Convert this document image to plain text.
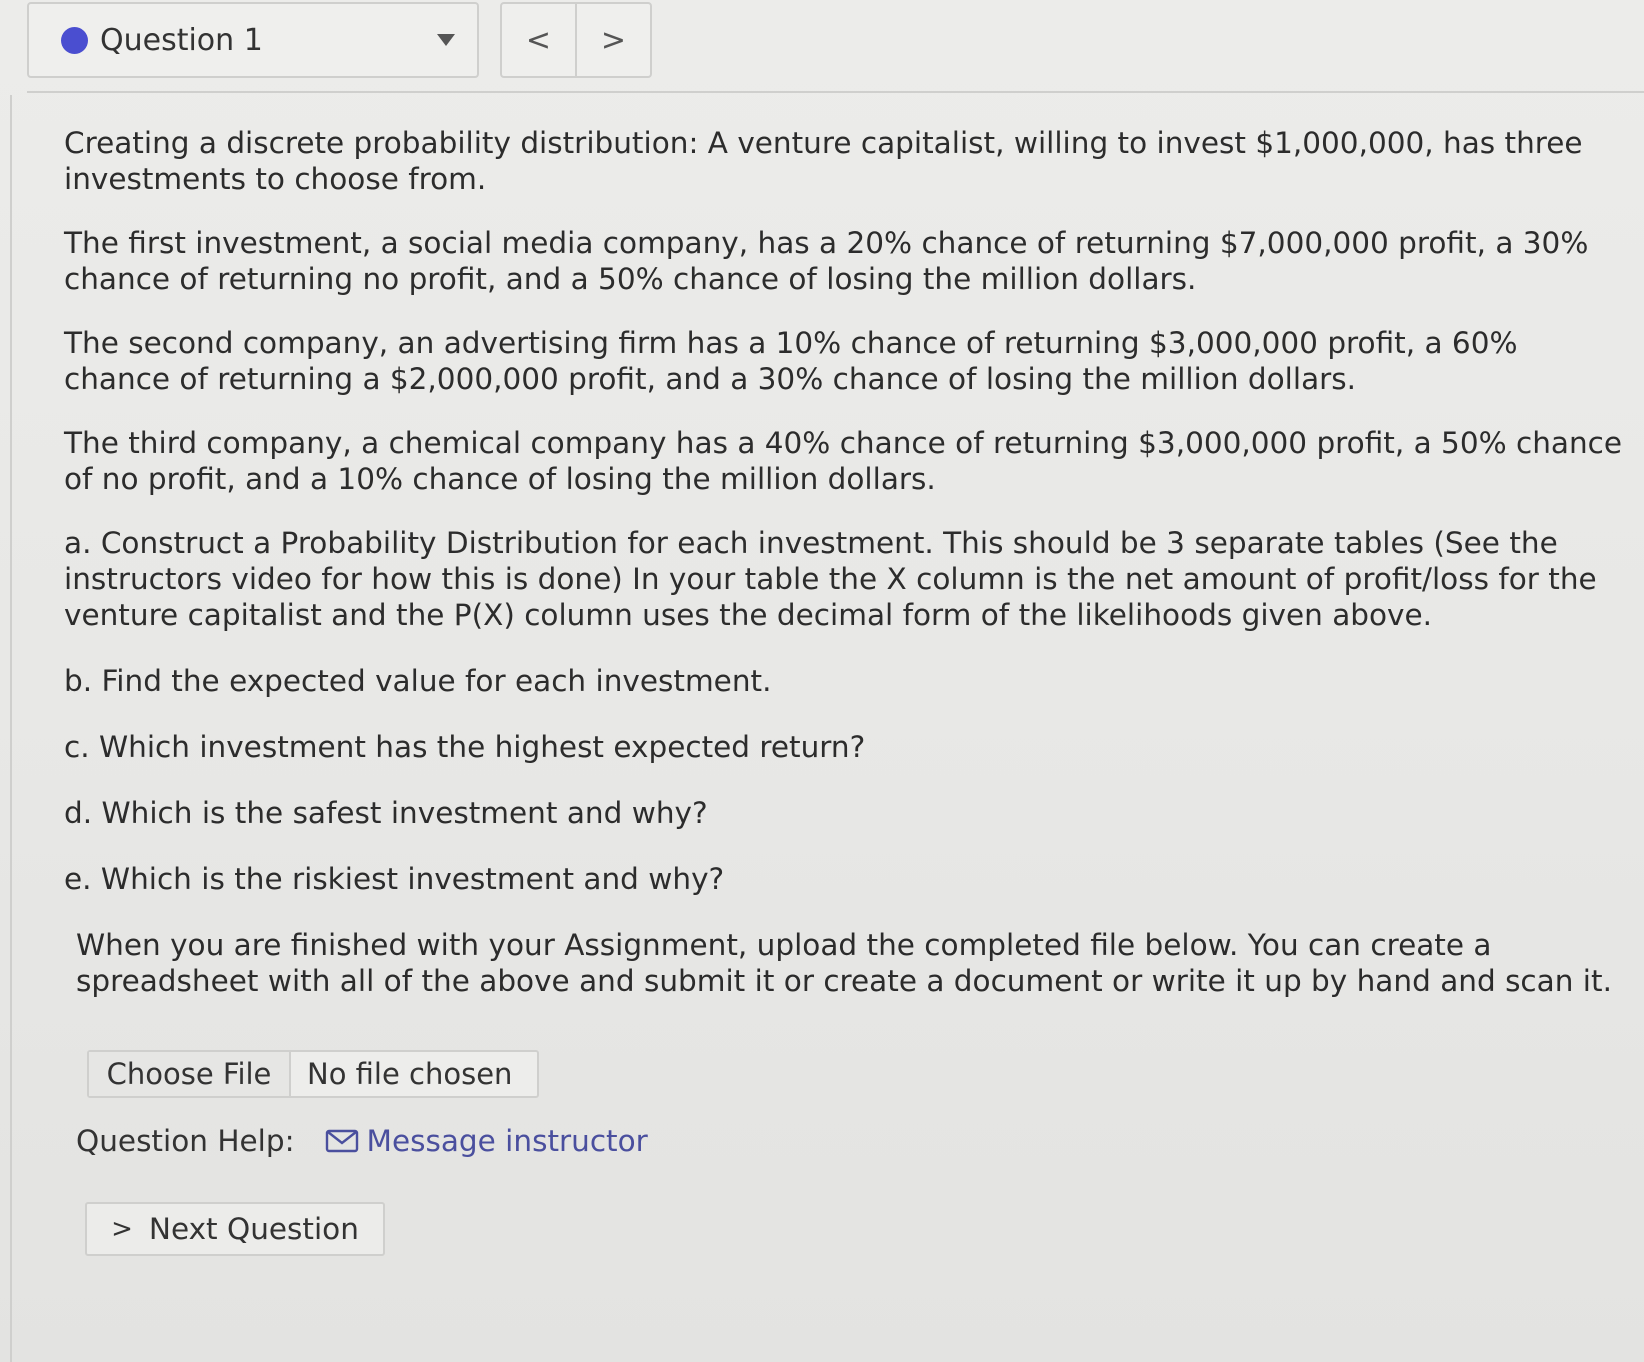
Question 1	<	>

Creating a discrete probability distribution: A venture capitalist, willing to invest $1,000,000, has three investments to choose from.

The first investment, a social media company, has a 20% chance of returning $7,000,000 profit, a 30% chance of returning no profit, and a 50% chance of losing the million dollars.

The second company, an advertising firm has a 10% chance of returning $3,000,000 profit, a 60% chance of returning a $2,000,000 profit, and a 30% chance of losing the million dollars.

The third company, a chemical company has a 40% chance of returning $3,000,000 profit, a 50% chance of no profit, and a 10% chance of losing the million dollars.

a. Construct a Probability Distribution for each investment. This should be 3 separate tables (See the instructors video for how this is done) In your table the X column is the net amount of profit/loss for the venture capitalist and the P(X) column uses the decimal form of the likelihoods given above.

b. Find the expected value for each investment.

c. Which investment has the highest expected return?

d. Which is the safest investment and why?

e. Which is the riskiest investment and why?

When you are finished with your Assignment, upload the completed file below. You can create a spreadsheet with all of the above and submit it or create a document or write it up by hand and scan it.

Choose File	No file chosen
Question Help: Message instructor
> Next Question
